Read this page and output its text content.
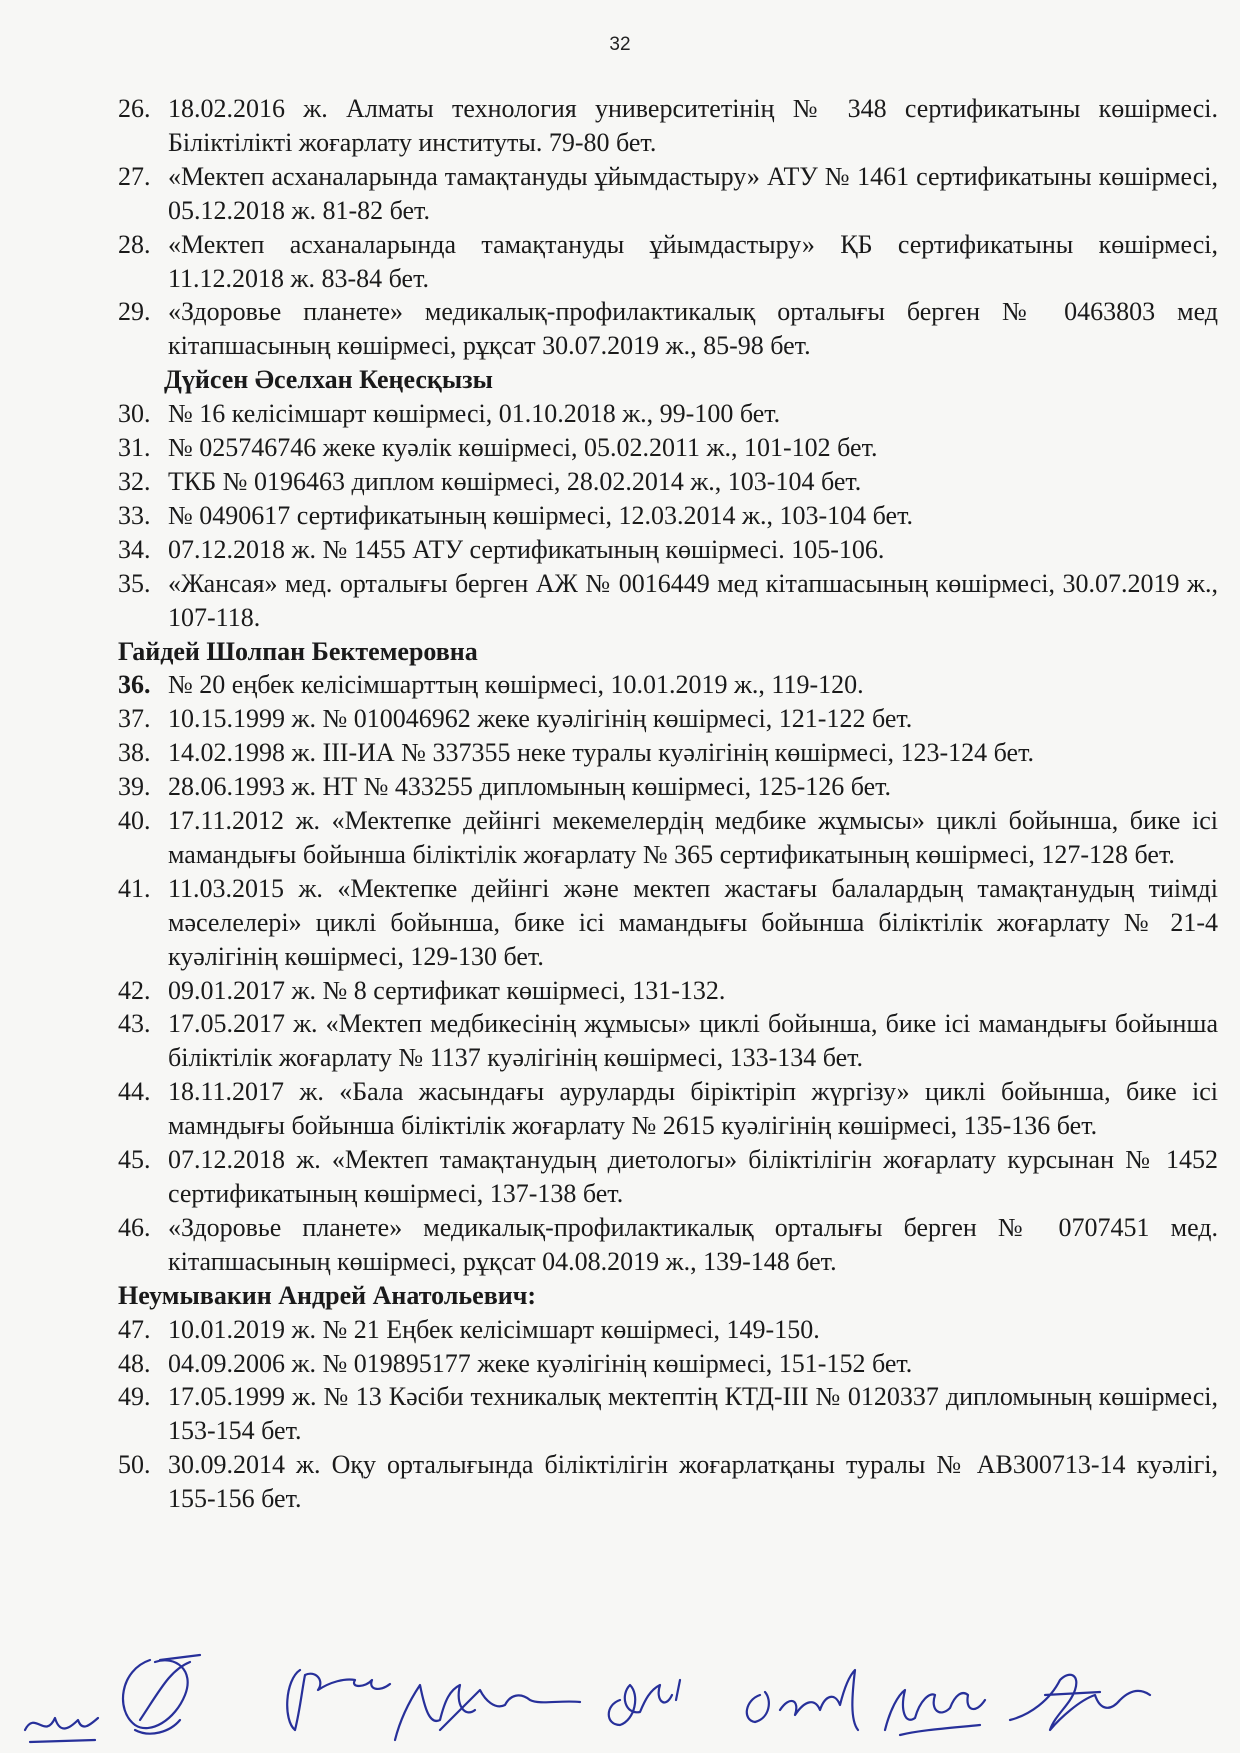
32
26. 18.02.2016 ж. Алматы технология университетінің № 348 сертификатыны көшірмесі. Біліктілікті жоғарлату институты. 79-80 бет.
27. «Мектеп асханаларында тамақтануды ұйымдастыру» АТУ № 1461 сертификатыны көшірмесі, 05.12.2018 ж. 81-82 бет.
28. «Мектеп асханаларында тамақтануды ұйымдастыру» ҚБ сертификатыны көшірмесі, 11.12.2018 ж. 83-84 бет.
29. «Здоровье планете» медикалық-профилактикалық орталығы берген № 0463803 мед кітапшасының көшірмесі, рұқсат 30.07.2019 ж., 85-98 бет.
Дүйсен Әселхан Кеңесқызы
30. № 16 келісімшарт көшірмесі, 01.10.2018 ж., 99-100 бет.
31. № 025746746 жеке куәлік көшірмесі, 05.02.2011 ж., 101-102 бет.
32. ТКБ № 0196463 диплом көшірмесі, 28.02.2014 ж., 103-104 бет.
33. № 0490617 сертификатының көшірмесі, 12.03.2014 ж., 103-104 бет.
34. 07.12.2018 ж. № 1455 АТУ сертификатының көшірмесі. 105-106.
35. «Жансая» мед. орталығы берген АЖ № 0016449 мед кітапшасының көшірмесі, 30.07.2019 ж., 107-118.
Гайдей Шолпан Бектемеровна
36. № 20 еңбек келісімшарттың көшірмесі, 10.01.2019 ж., 119-120.
37. 10.15.1999 ж. № 010046962 жеке куәлігінің көшірмесі, 121-122 бет.
38. 14.02.1998 ж. ІІІ-ИА № 337355 неке туралы куәлігінің көшірмесі, 123-124 бет.
39. 28.06.1993 ж. НТ № 433255 дипломының көшірмесі, 125-126 бет.
40. 17.11.2012 ж. «Мектепке дейінгі мекемелердің медбике жұмысы» циклі бойынша, бике ісі мамандығы бойынша біліктілік жоғарлату № 365 сертификатының көшірмесі, 127-128 бет.
41. 11.03.2015 ж. «Мектепке дейінгі және мектеп жастағы балалардың тамақтанудың тиімді мәселелері» циклі бойынша, бике ісі мамандығы бойынша біліктілік жоғарлату № 21-4 куәлігінің көшірмесі, 129-130 бет.
42. 09.01.2017 ж. № 8 сертификат көшірмесі, 131-132.
43. 17.05.2017 ж. «Мектеп медбикесінің жұмысы» циклі бойынша, бике ісі мамандығы бойынша біліктілік жоғарлату № 1137 куәлігінің көшірмесі, 133-134 бет.
44. 18.11.2017 ж. «Бала жасындағы ауруларды біріктіріп жүргізу» циклі бойынша, бике ісі мамндығы бойынша біліктілік жоғарлату № 2615 куәлігінің көшірмесі, 135-136 бет.
45. 07.12.2018 ж. «Мектеп тамақтанудың диетологы» біліктілігін жоғарлату курсынан № 1452 сертификатының көшірмесі, 137-138 бет.
46. «Здоровье планете» медикалық-профилактикалық орталығы берген № 0707451 мед. кітапшасының көшірмесі, рұқсат 04.08.2019 ж., 139-148 бет.
Неумывакин Андрей Анатольевич:
47. 10.01.2019 ж. № 21 Еңбек келісімшарт көшірмесі, 149-150.
48. 04.09.2006 ж. № 019895177 жеке куәлігінің көшірмесі, 151-152 бет.
49. 17.05.1999 ж. № 13 Кәсіби техникалық мектептің КТД-ІІІ № 0120337 дипломының көшірмесі, 153-154 бет.
50. 30.09.2014 ж. Оқу орталығында біліктілігін жоғарлатқаны туралы № АВ300713-14 куәлігі, 155-156 бет.
